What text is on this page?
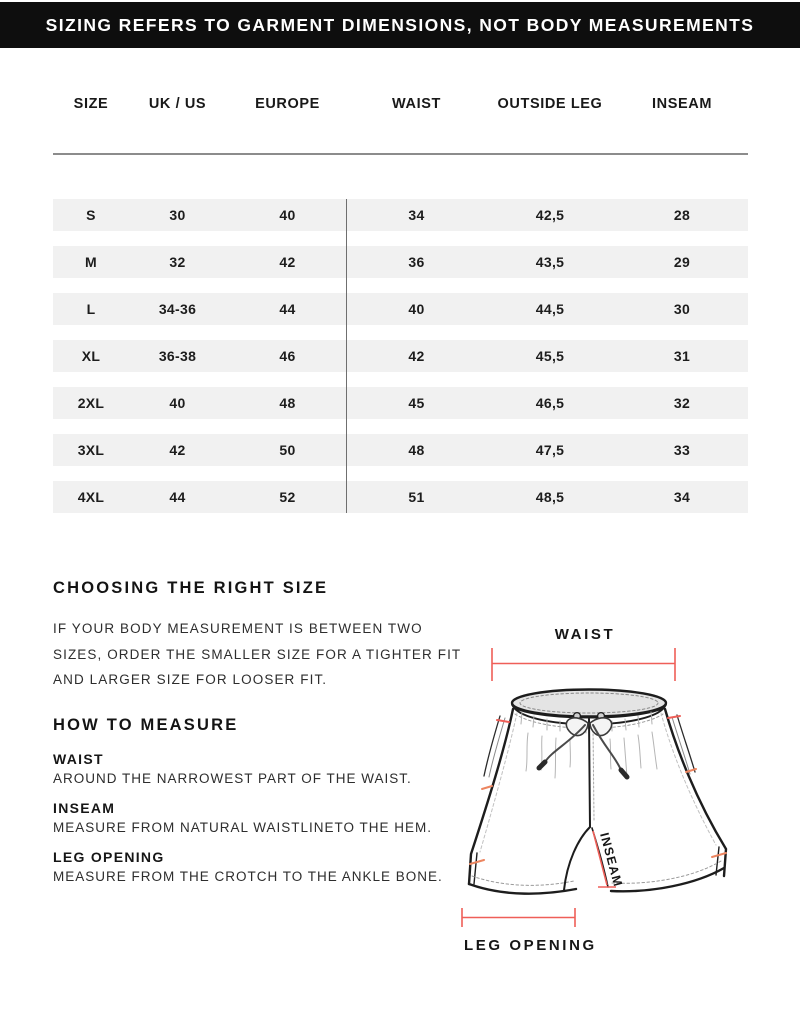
SIZING REFERS TO GARMENT DIMENSIONS, NOT BODY MEASUREMENTS
SIZE	UK / US	EUROPE	WAIST	OUTSIDE LEG	INSEAM
S	30	40	34	42,5	28
M	32	42	36	43,5	29
L	34-36	44	40	44,5	30
XL	36-38	46	42	45,5	31
2XL	40	48	45	46,5	32
3XL	42	50	48	47,5	33
4XL	44	52	51	48,5	34
CHOOSING THE RIGHT SIZE
IF YOUR BODY MEASUREMENT IS BETWEEN TWO SIZES, ORDER THE SMALLER SIZE FOR A TIGHTER FIT AND LARGER SIZE FOR LOOSER FIT.
HOW TO MEASURE
WAIST
AROUND THE NARROWEST PART OF THE WAIST.
INSEAM
MEASURE FROM NATURAL WAISTLINETO THE HEM.
LEG OPENING
MEASURE FROM THE CROTCH TO THE ANKLE BONE.
WAIST
INSEAM
LEG OPENING
